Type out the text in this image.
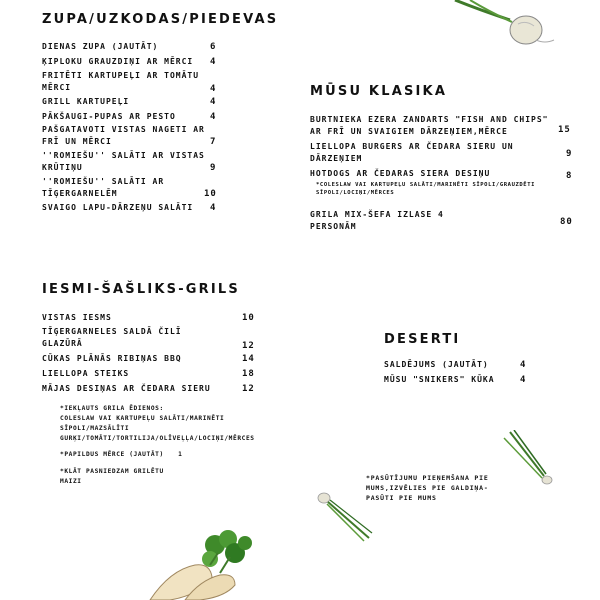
ZUPA/UZKODAS/PIEDEVAS
DIENAS ZUPA (JAUTĀT)	6
ĶIPLOKU GRAUZDIŅI AR MĒRCI	4
FRITĒTI KARTUPEĻI AR TOMĀTU
MĒRCI	4
GRILL KARTUPEĻI	4
PĀKŠAUGI-PUPAS AR PESTO	4
PAŠGATAVOTI VISTAS NAGETI AR
FRĪ UN MĒRCI	7
''ROMIEŠU'' SALĀTI AR VISTAS
KRŪTIŅU	9
''ROMIEŠU'' SALĀTI AR
TĪĢERGARNELĒM	10
SVAIGO LAPU-DĀRZEŅU SALĀTI	4
MŪSU KLASIKA
BURTNIEKA EZERA ZANDARTS "FISH AND CHIPS"
AR FRĪ UN SVAIGIEM DĀRZEŅIEM,MĒRCE	15
LIELLOPA BURGERS AR ČEDARA SIERU UN
DĀRZEŅIEM	9
HOTDOGS AR ČEDARAS SIERA DESIŅU	8
*COLESLAW VAI KARTUPEĻU SALĀTI/MARINĒTI SĪPOLI/GRAUZDĒTI
SĪPOLI/LOCIŅI/MĒRCES
GRILA MIX-ŠEFA IZLASE 4
PERSONĀM	80
IESMI-ŠAŠLIKS-GRILS
VISTAS IESMS	10
TĪĢERGARNELES SALDĀ ČILĪ
GLAZŪRĀ	12
CŪKAS PLĀNĀS RIBIŅAS BBQ	14
LIELLOPA STEIKS	18
MĀJAS DESIŅAS AR ČEDARA SIERU	12
*IEKĻAUTS GRILA ĒDIENOS:
COLESLAW VAI KARTUPEĻU SALĀTI/MARINĒTI
SĪPOLI/MAZSĀLĪTI
GURĶI/TOMĀTI/TORTILIJA/OLĪVEĻĻA/LOCIŅI/MĒRCES
*PAPILDUS MĒRCE (JAUTĀT) 1
*KLĀT PASNIEDZAM GRILĒTU
MAIZI
DESERTI
SALDĒJUMS (JAUTĀT)	4
MŪSU "SNIKERS" KŪKA	4
*PASŪTĪJUMU PIEŅEMŠANA PIE
MUMS,IZVĒLIES PIE GALDIŅA-
PASŪTI PIE MUMS
